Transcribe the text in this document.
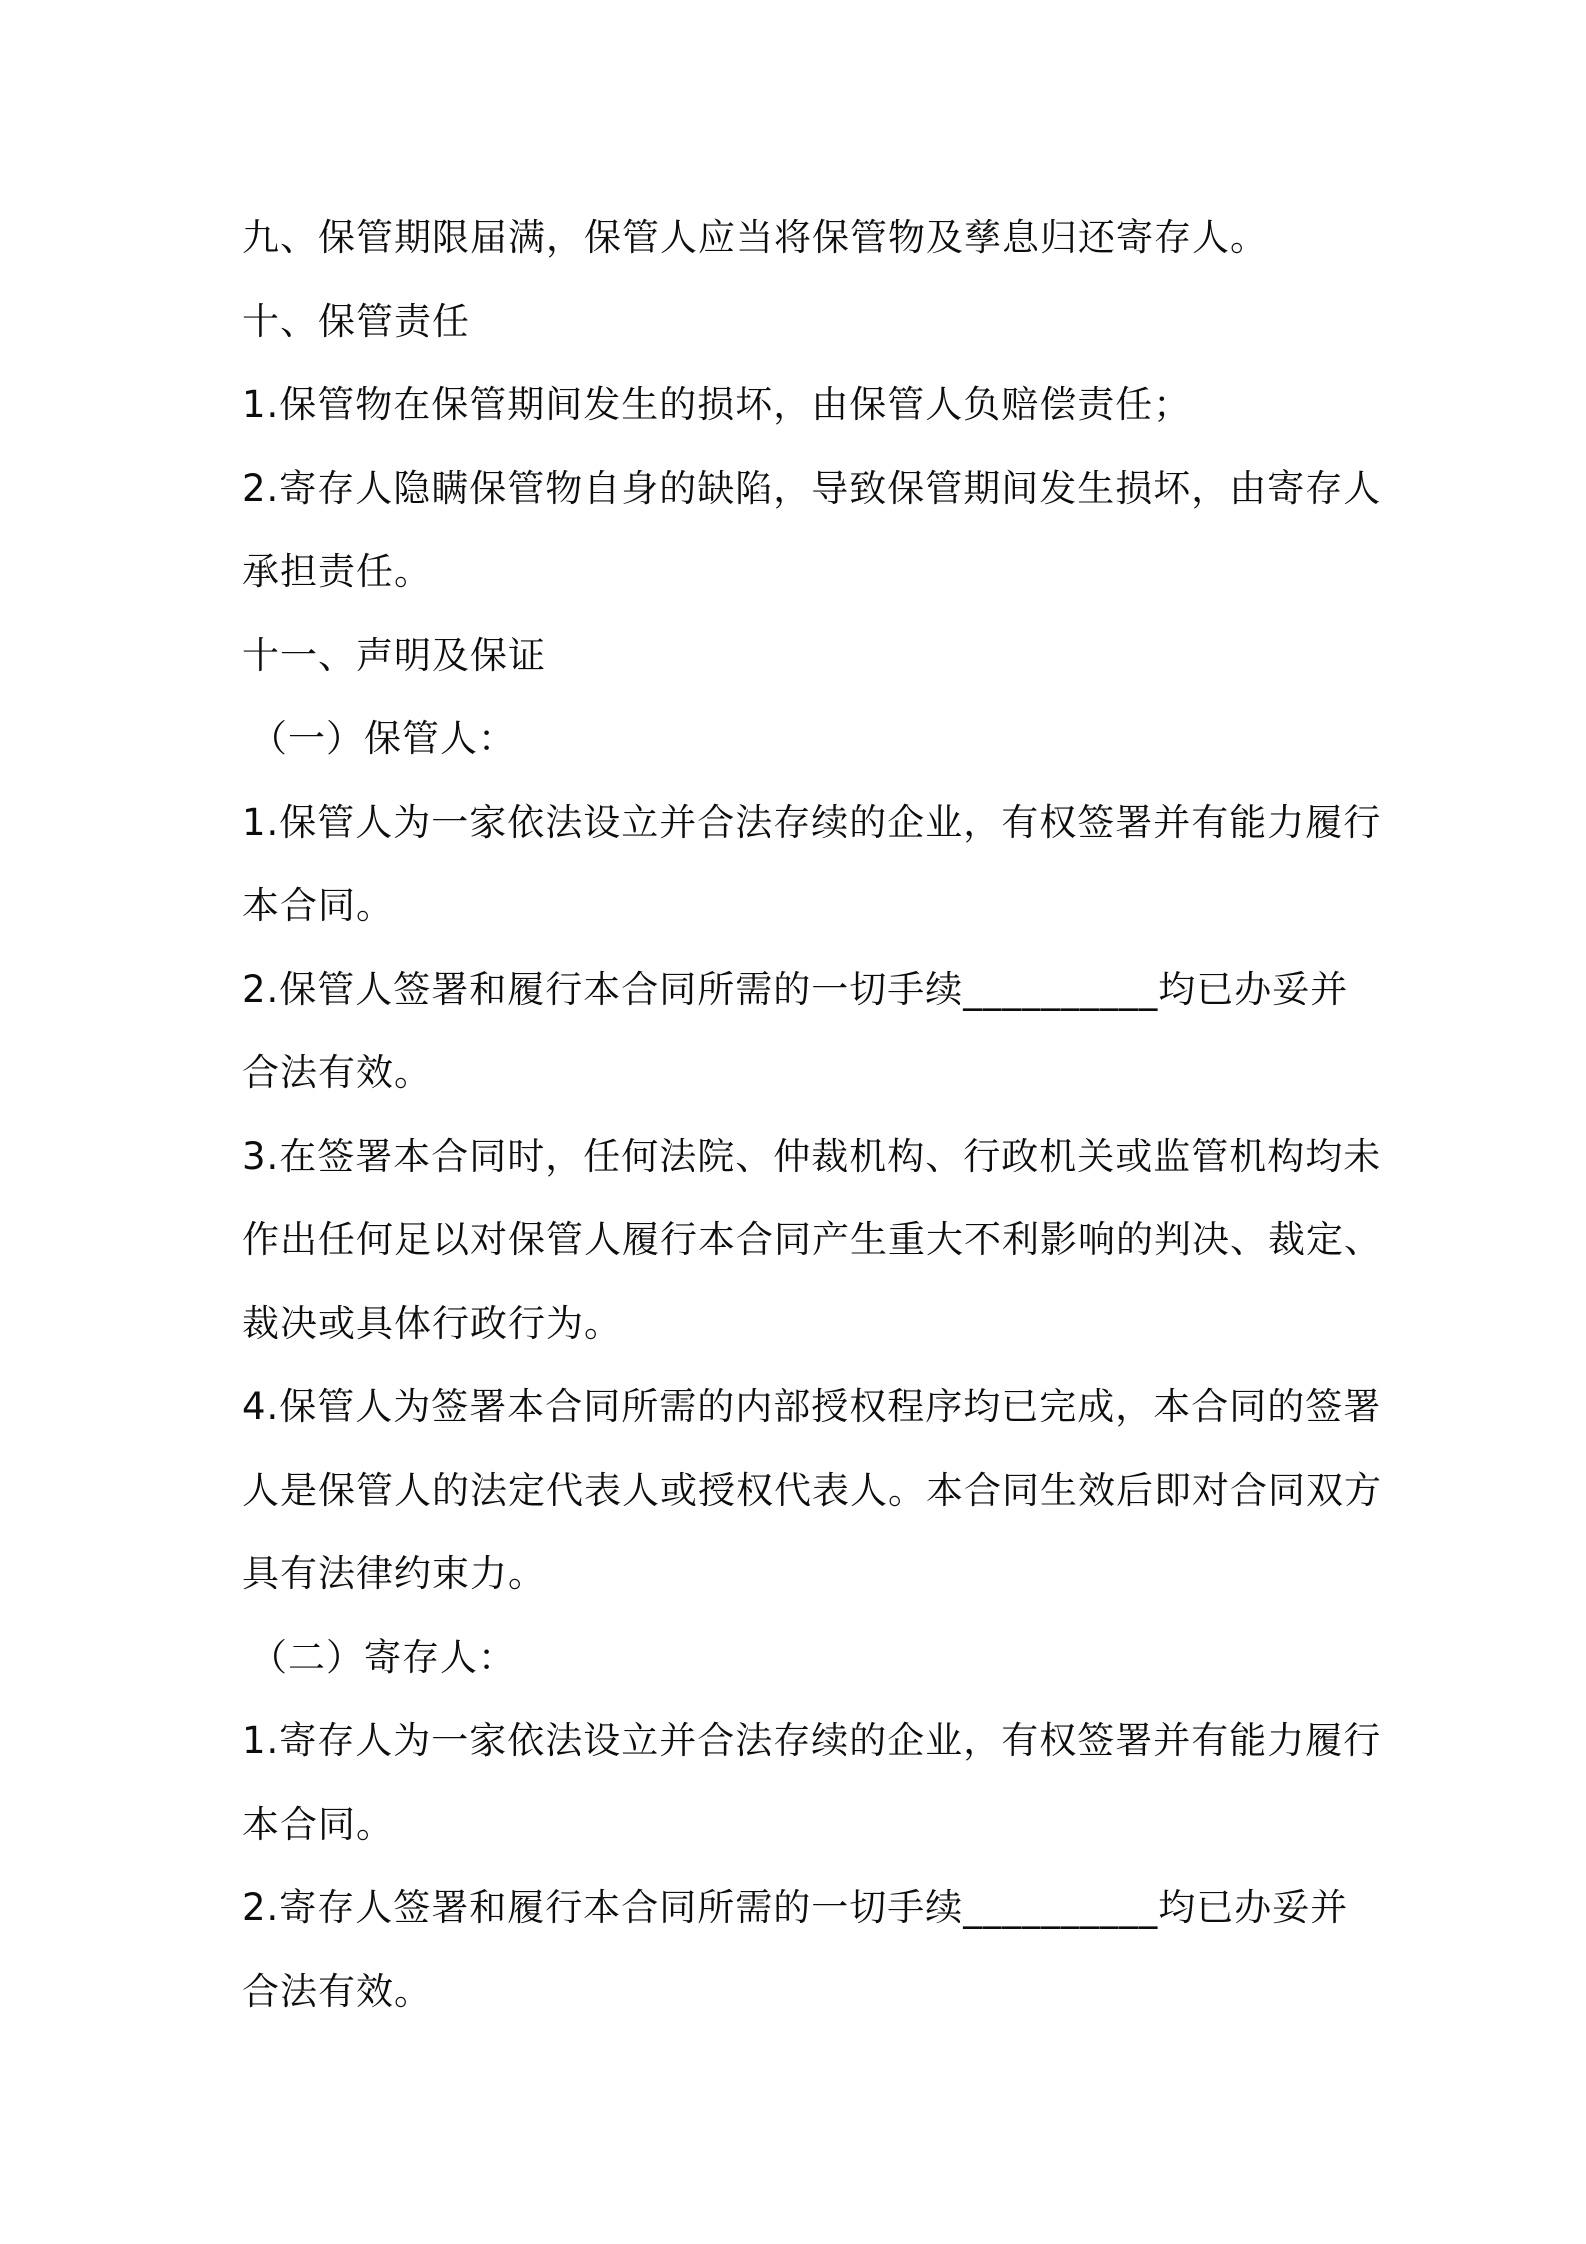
九、保管期限届满，保管人应当将保管物及孳息归还寄存人。

十、保管责任

1.保管物在保管期间发生的损坏，由保管人负赔偿责任；

2.寄存人隐瞒保管物自身的缺陷，导致保管期间发生损坏，由寄存人

承担责任。

十一、声明及保证

（一）保管人：

1.保管人为一家依法设立并合法存续的企业，有权签署并有能力履行

本合同。

2.保管人签署和履行本合同所需的一切手续__________均已办妥并

合法有效。

3.在签署本合同时，任何法院、仲裁机构、行政机关或监管机构均未

作出任何足以对保管人履行本合同产生重大不利影响的判决、裁定、

裁决或具体行政行为。

4.保管人为签署本合同所需的内部授权程序均已完成，本合同的签署

人是保管人的法定代表人或授权代表人。本合同生效后即对合同双方

具有法律约束力。

（二）寄存人：

1.寄存人为一家依法设立并合法存续的企业，有权签署并有能力履行

本合同。

2.寄存人签署和履行本合同所需的一切手续__________均已办妥并

合法有效。
